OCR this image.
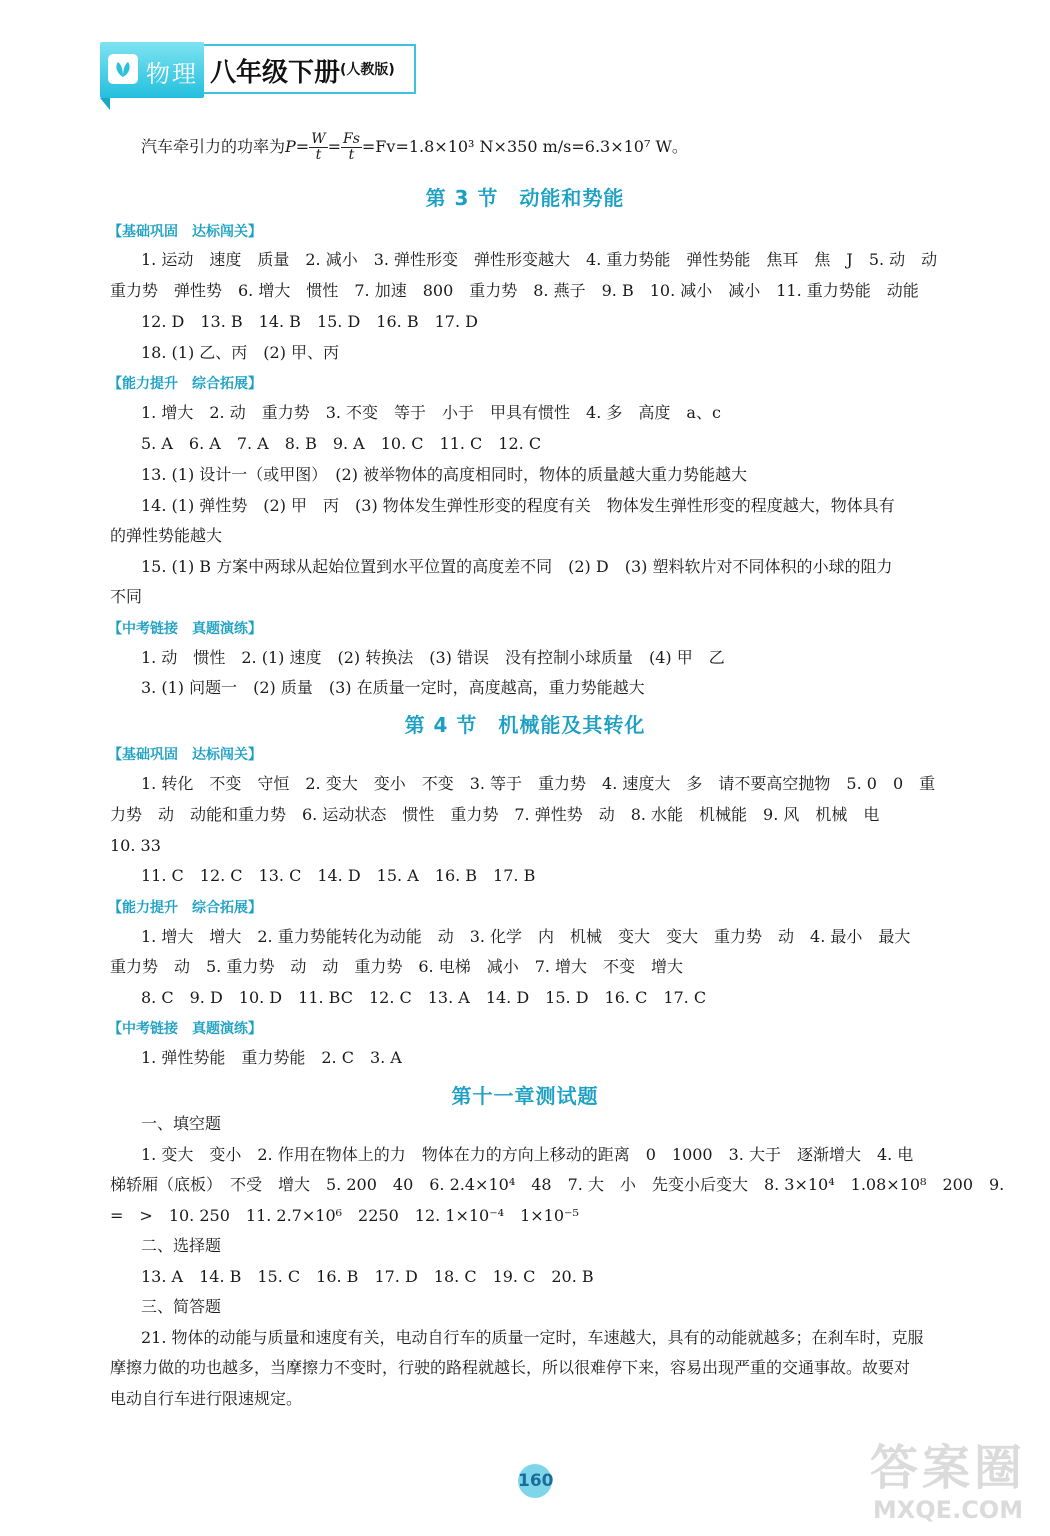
物理 八年级下册 (人教版)
汽车牵引力的功率为$P= \frac{W}{t} = \frac{Fs}{t} =Fv=1.8\times 10^3$ N×350 m/s=6.3×10⁷ W。
第 3 节　动能和势能
【基础巩固　达标闯关】
1. 运动　速度　质量　2. 减小　3. 弹性形变　弹性形变越大　4. 重力势能　弹性势能　焦耳　焦　J　5. 动　动
重力势　弹性势　6. 增大　惯性　7. 加速　800　重力势　8. 燕子　9. B　10. 减小　减小　11. 重力势能　动能
12. D　13. B　14. B　15. D　16. B　17. D
18. (1) 乙、丙　(2) 甲、丙
【能力提升　综合拓展】
1. 增大　2. 动　重力势　3. 不变　等于　小于　甲具有惯性　4. 多　高度　a、c
5. A　6. A　7. A　8. B　9. A　10. C　11. C　12. C
13. (1) 设计一（或甲图）　(2) 被举物体的高度相同时，物体的质量越大重力势能越大
14. (1) 弹性势　(2) 甲　丙　(3) 物体发生弹性形变的程度有关　物体发生弹性形变的程度越大，物体具有
的弹性势能越大
15. (1) B 方案中两球从起始位置到水平位置的高度差不同　(2) D　(3) 塑料软片对不同体积的小球的阻力
不同
【中考链接　真题演练】
1. 动　惯性　2. (1) 速度　(2) 转换法　(3) 错误　没有控制小球质量　(4) 甲　乙
3. (1) 问题一　(2) 质量　(3) 在质量一定时，高度越高，重力势能越大
第 4 节　机械能及其转化
【基础巩固　达标闯关】
1. 转化　不变　守恒　2. 变大　变小　不变　3. 等于　重力势　4. 速度大　多　请不要高空抛物　5. 0　0　重
力势　动　动能和重力势　6. 运动状态　惯性　重力势　7. 弹性势　动　8. 水能　机械能　9. 风　机械　电
10. 33
11. C　12. C　13. C　14. D　15. A　16. B　17. B
【能力提升　综合拓展】
1. 增大　增大　2. 重力势能转化为动能　动　3. 化学　内　机械　变大　变大　重力势　动　4. 最小　最大
重力势　动　5. 重力势　动　动　重力势　6. 电梯　减小　7. 增大　不变　增大
8. C　9. D　10. D　11. BC　12. C　13. A　14. D　15. D　16. C　17. C
【中考链接　真题演练】
1. 弹性势能　重力势能　2. C　3. A
第十一章测试题
一、填空题
1. 变大　变小　2. 作用在物体上的力　物体在力的方向上移动的距离　0　1000　3. 大于　逐渐增大　4. 电
梯轿厢（底板）　不受　增大　5. 200　40　6. 2.4×10⁴　48　7. 大　小　先变小后变大　8. 3×10⁴　1.08×10⁸　200　9.
=　>　10. 250　11. 2.7×10⁶　2250　12. 1×10⁻⁴　1×10⁻⁵
二、选择题
13. A　14. B　15. C　16. B　17. D　18. C　19. C　20. B
三、简答题
21. 物体的动能与质量和速度有关，电动自行车的质量一定时，车速越大，具有的动能就越多；在刹车时，克服
摩擦力做的功也越多，当摩擦力不变时，行驶的路程就越长，所以很难停下来，容易出现严重的交通事故。故要对
电动自行车进行限速规定。
160	答案圈
MXQE.COM
